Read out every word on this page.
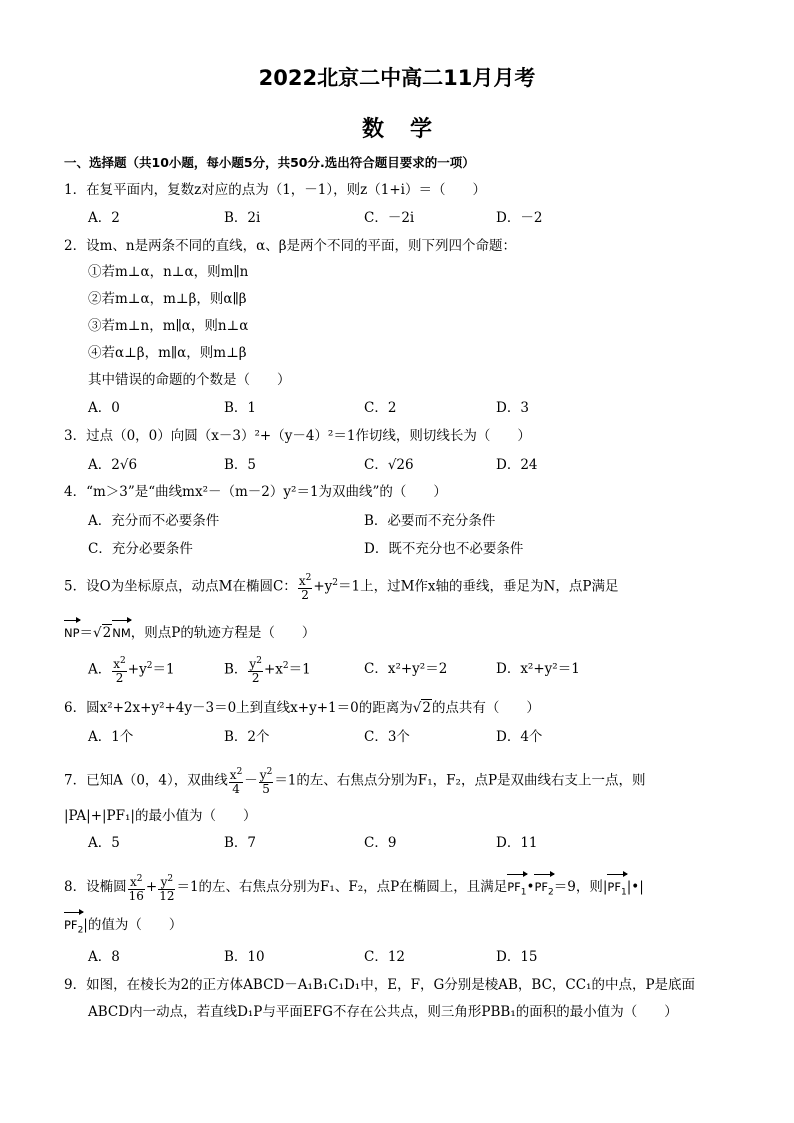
2022北京二中高二11月月考
数学
一、选择题（共10小题，每小题5分，共50分.选出符合题目要求的一项）
1．在复平面内，复数z对应的点为（1，－1），则z（1+i）＝（　　）
A．2	B．2i	C．－2i	D．－2
2．设m、n是两条不同的直线，α、β是两个不同的平面，则下列四个命题：
①若m⊥α，n⊥α，则m∥n
②若m⊥α，m⊥β，则α∥β
③若m⊥n，m∥α，则n⊥α
④若α⊥β，m∥α，则m⊥β
其中错误的命题的个数是（　　）
A．0	B．1	C．2	D．3
3．过点（0，0）向圆（x－3）²+（y－4）²＝1作切线，则切线长为（　　）
A．2√6	B．5	C．√26	D．24
4．“m＞3”是“曲线mx²－（m－2）y²＝1为双曲线”的（　　）
A．充分而不必要条件	B．必要而不充分条件
C．充分必要条件	D．既不充分也不必要条件
5．设O为坐标原点，动点M在椭圆C： $\frac{x^2}{2} +y^2=1$上，过M作x轴的垂线，垂足为N，点P满足
NP＝√2NM，则点P的轨迹方程是（　　）
A． $\frac{x^2}{2} +y^2=1$	B． $\frac{y^2}{2} +x^2=1$	C．x²+y²＝2	D．x²+y²＝1
6．圆x²+2x+y²+4y－3＝0上到直线x+y+1＝0的距离为√2的点共有（　　）
A．1个	B．2个	C．3个	D．4个
7．已知A（0，4），双曲线 $\frac{x^2}{4} - \frac{y^2}{5} =1$的左、右焦点分别为F₁，F₂，点P是双曲线右支上一点，则
|PA|+|PF₁|的最小值为（　　）
A．5	B．7	C．9	D．11
8．设椭圆 $\frac{x^2}{16} + \frac{y^2}{12} =1$的左、右焦点分别为F₁、F₂，点P在椭圆上，且满足$PF_1•PF_2=9$，则$|PF_1|•|$
$PF_2|$的值为（　　）
A．8	B．10	C．12	D．15
9．如图，在棱长为2的正方体ABCD－A₁B₁C₁D₁中，E，F，G分别是棱AB，BC，CC₁的中点，P是底面
ABCD内一动点，若直线D₁P与平面EFG不存在公共点，则三角形PBB₁的面积的最小值为（　　）
